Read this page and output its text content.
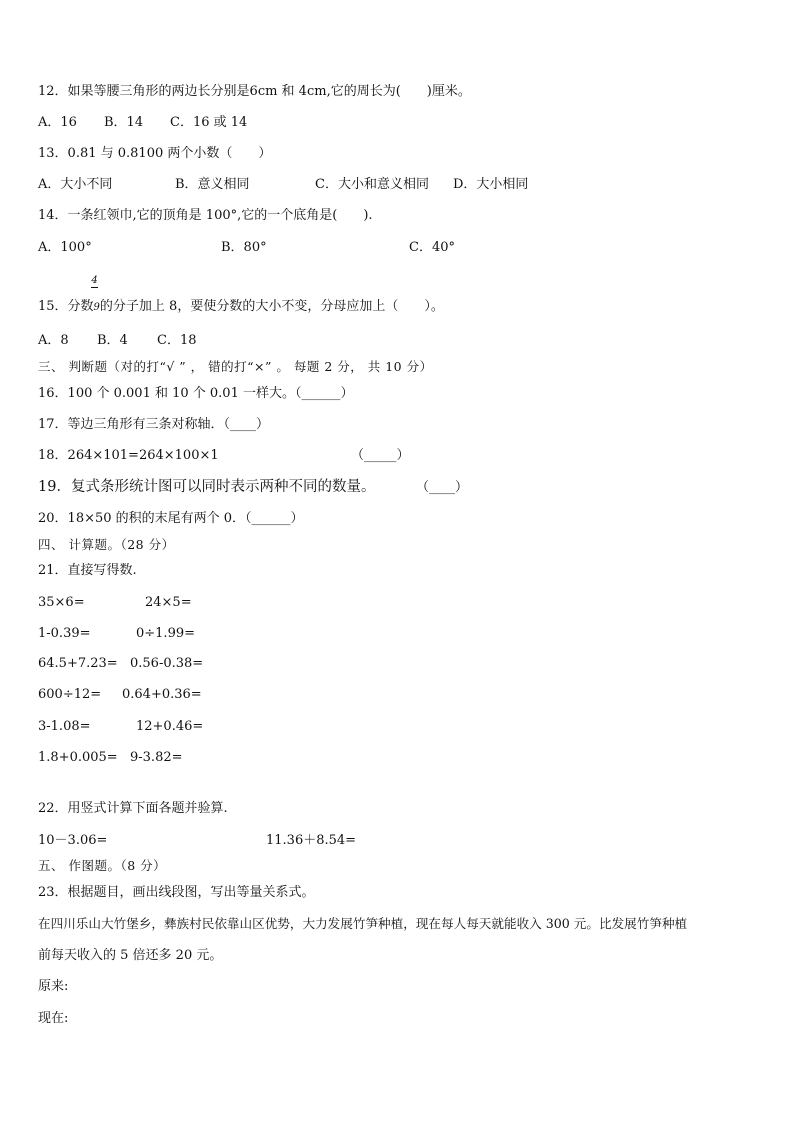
12．如果等腰三角形的两边长分别是6cm 和 4cm,它的周长为(　　)厘米。
A．16 B．14 C．16 或 14
13．0.81 与 0.8100 两个小数（　　）
A．大小不同	B．意义相同	C．大小和意义相同 D．大小相同
14．一条红领巾,它的顶角是 100°,它的一个底角是(　　).
A．100°	B．80°	C．40°
4
15．分数9的分子加上 8，要使分数的大小不变，分母应加上（　　）。
A．8 B．4 C．18
三、 判断题（对的打“√ ” ， 错的打“×” 。 每题 2 分， 共 10 分）
16．100 个 0.001 和 10 个 0.01 一样大。（______）
17．等边三角形有三条对称轴．（____）
18．264×101=264×100×1	（_____）
19．复式条形统计图可以同时表示两种不同的数量。	（____）
20．18×50 的积的末尾有两个 0．（______）
四、 计算题。（28 分）
21．直接写得数.
35×6=	24×5=
1-0.39=	0÷1.99=
64.5+7.23= 0.56-0.38=
600÷12= 0.64+0.36=
3-1.08=	12+0.46=
1.8+0.005= 9-3.82=
22．用竖式计算下面各题并验算.
10－3.06=	11.36＋8.54=
五、 作图题。（8 分）
23．根据题目，画出线段图，写出等量关系式。
在四川乐山大竹堡乡，彝族村民依靠山区优势，大力发展竹笋种植，现在每人每天就能收入 300 元。比发展竹笋种植
前每天收入的 5 倍还多 20 元。
原来:
现在:
